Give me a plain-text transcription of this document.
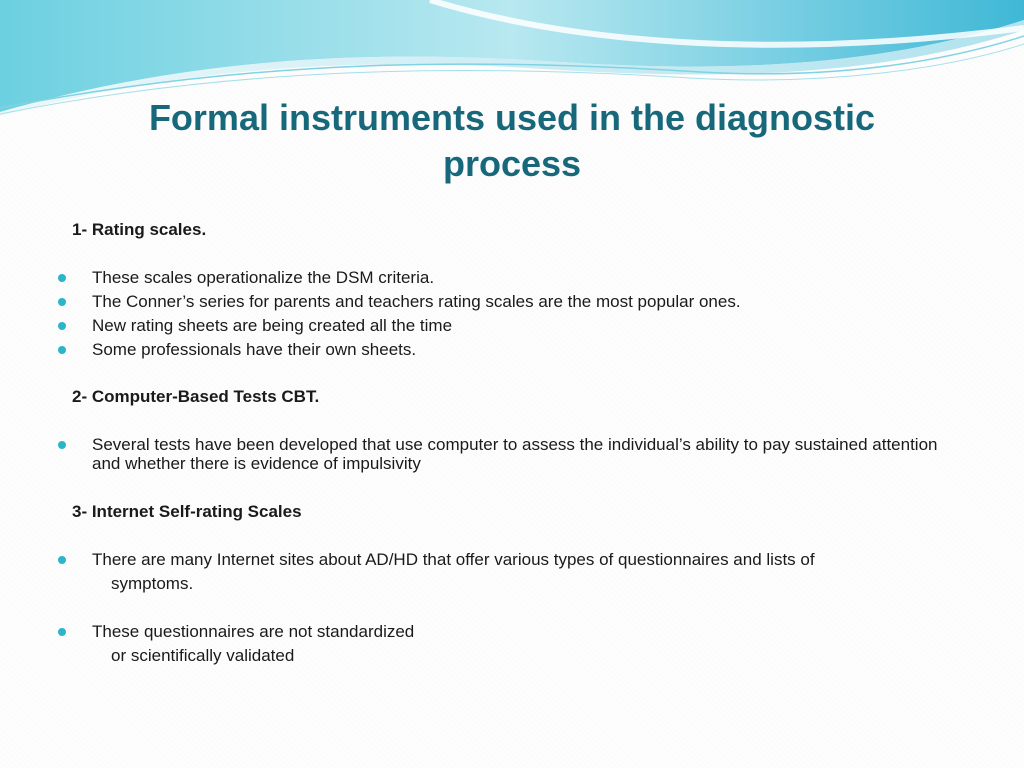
Formal instruments used in the diagnostic
process
1- Rating scales.
These scales operationalize the DSM criteria.
The Conner’s series for parents and teachers rating scales are the most popular ones.
New rating sheets are being created all the time
Some professionals have their own sheets.
2- Computer-Based Tests CBT.
Several tests have been developed that use computer to assess the individual’s ability to pay sustained attention and whether there is evidence of impulsivity
3- Internet Self-rating Scales
There are many Internet sites about AD/HD that offer various types of questionnaires and lists of
symptoms.
These questionnaires are not standardized
or scientifically validated
